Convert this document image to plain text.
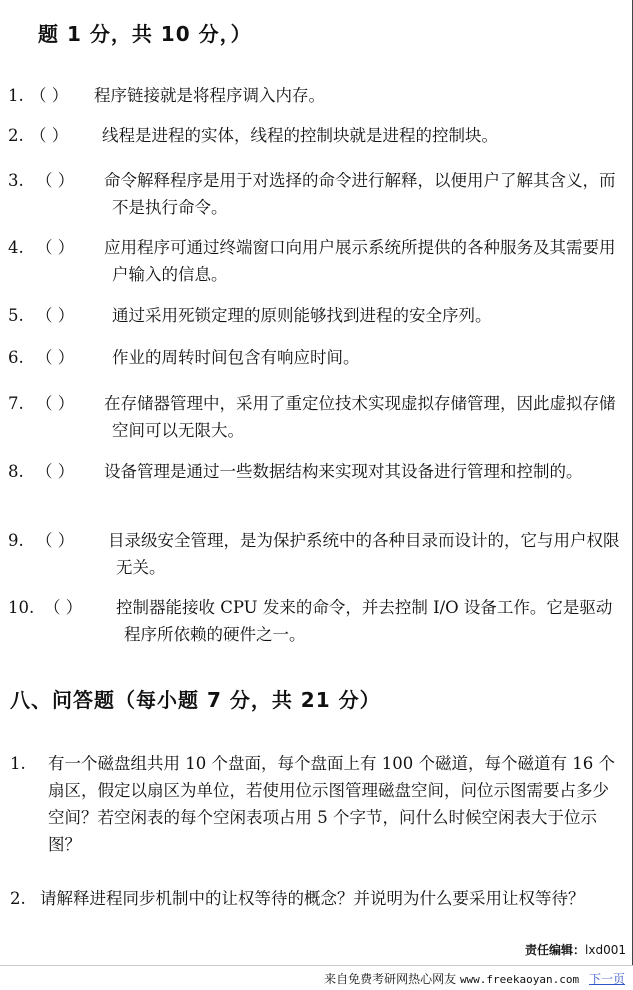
题 1 分，共 10 分，）
1. （ ） 程序链接就是将程序调入内存。
2. （ ） 线程是进程的实体，线程的控制块就是进程的控制块。
3. （ ） 命令解释程序是用于对选择的命令进行解释，以便用户了解其含义，而不是执行命令。
4. （ ） 应用程序可通过终端窗口向用户展示系统所提供的各种服务及其需要用户输入的信息。
5. （ ） 通过采用死锁定理的原则能够找到进程的安全序列。
6. （ ） 作业的周转时间包含有响应时间。
7. （ ） 在存储器管理中，采用了重定位技术实现虚拟存储管理，因此虚拟存储空间可以无限大。
8. （ ） 设备管理是通过一些数据结构来实现对其设备进行管理和控制的。
9. （ ） 目录级安全管理，是为保护系统中的各种目录而设计的，它与用户权限无关。
10. （ ） 控制器能接收 CPU 发来的命令，并去控制 I/O 设备工作。它是驱动程序所依赖的硬件之一。
八、问答题（每小题 7 分，共 21 分）
1. 有一个磁盘组共用 10 个盘面，每个盘面上有 100 个磁道，每个磁道有 16 个扇区，假定以扇区为单位，若使用位示图管理磁盘空间，问位示图需要占多少空间？若空闲表的每个空闲表项占用 5 个字节，问什么时候空闲表大于位示图？
2. 请解释进程同步机制中的让权等待的概念？并说明为什么要采用让权等待？
责任编辑：lxd001
来自免费考研网热心网友 www.freekaoyan.com 下一页
